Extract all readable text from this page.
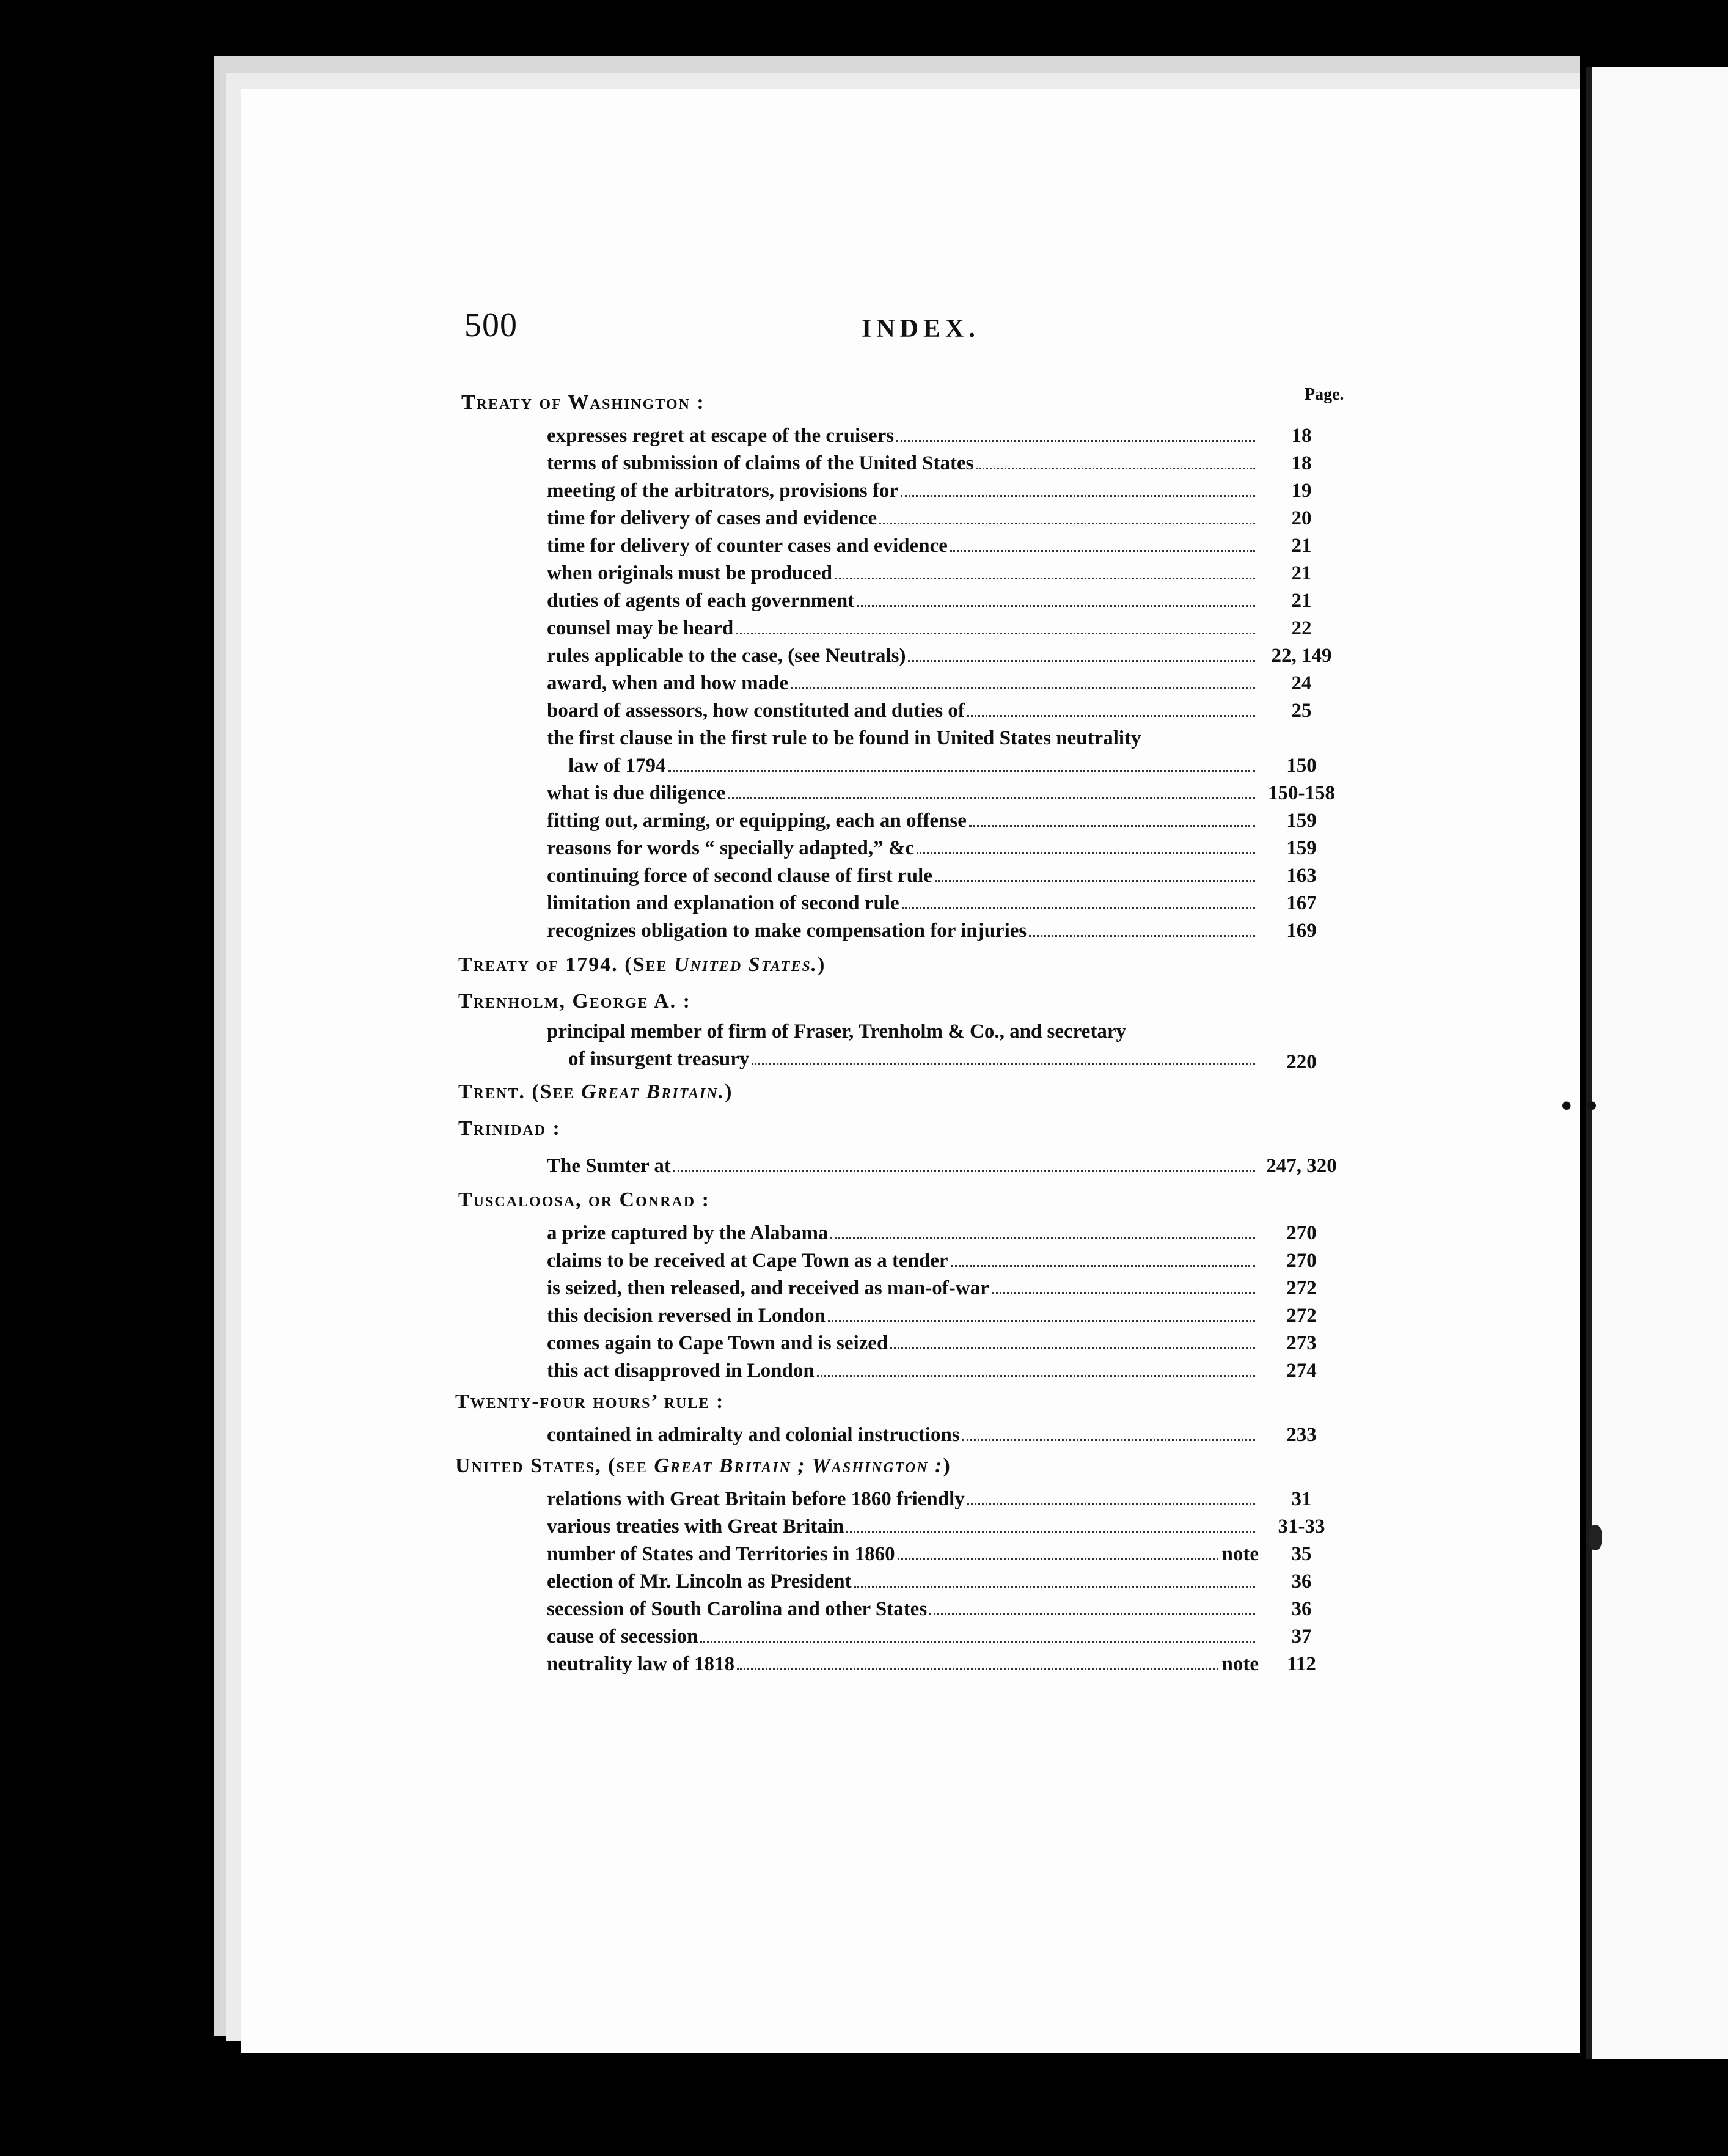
••
500	INDEX.
Page.
Treaty of Washington :
expresses regret at escape of the cruisers	18
terms of submission of claims of the United States	18
meeting of the arbitrators, provisions for	19
time for delivery of cases and evidence	20
time for delivery of counter cases and evidence	21
when originals must be produced	21
duties of agents of each government	21
counsel may be heard	22
rules applicable to the case, (see Neutrals)	22, 149
award, when and how made	24
board of assessors, how constituted and duties of	25
the first clause in the first rule to be found in United States neutrality
law of 1794	150
what is due diligence	150-158
fitting out, arming, or equipping, each an offense	159
reasons for words “ specially adapted,” &c	159
continuing force of second clause of first rule	163
limitation and explanation of second rule	167
recognizes obligation to make compensation for injuries	169
Treaty of 1794. (See United States.)
Trenholm, George A. :
principal member of firm of Fraser, Trenholm & Co., and secretary
of insurgent treasury	220
Trent. (See Great Britain.)
Trinidad :
The Sumter at	247, 320
Tuscaloosa, or Conrad :
a prize captured by the Alabama	270
claims to be received at Cape Town as a tender	270
is seized, then released, and received as man-of-war	272
this decision reversed in London	272
comes again to Cape Town and is seized	273
this act disapproved in London	274
Twenty-four hours’ rule :
contained in admiralty and colonial instructions	233
United States, (see Great Britain ; Washington :)
relations with Great Britain before 1860 friendly	31
various treaties with Great Britain	31-33
number of States and Territories in 1860	note	35
election of Mr. Lincoln as President	36
secession of South Carolina and other States	36
cause of secession	37
neutrality law of 1818	note	112
